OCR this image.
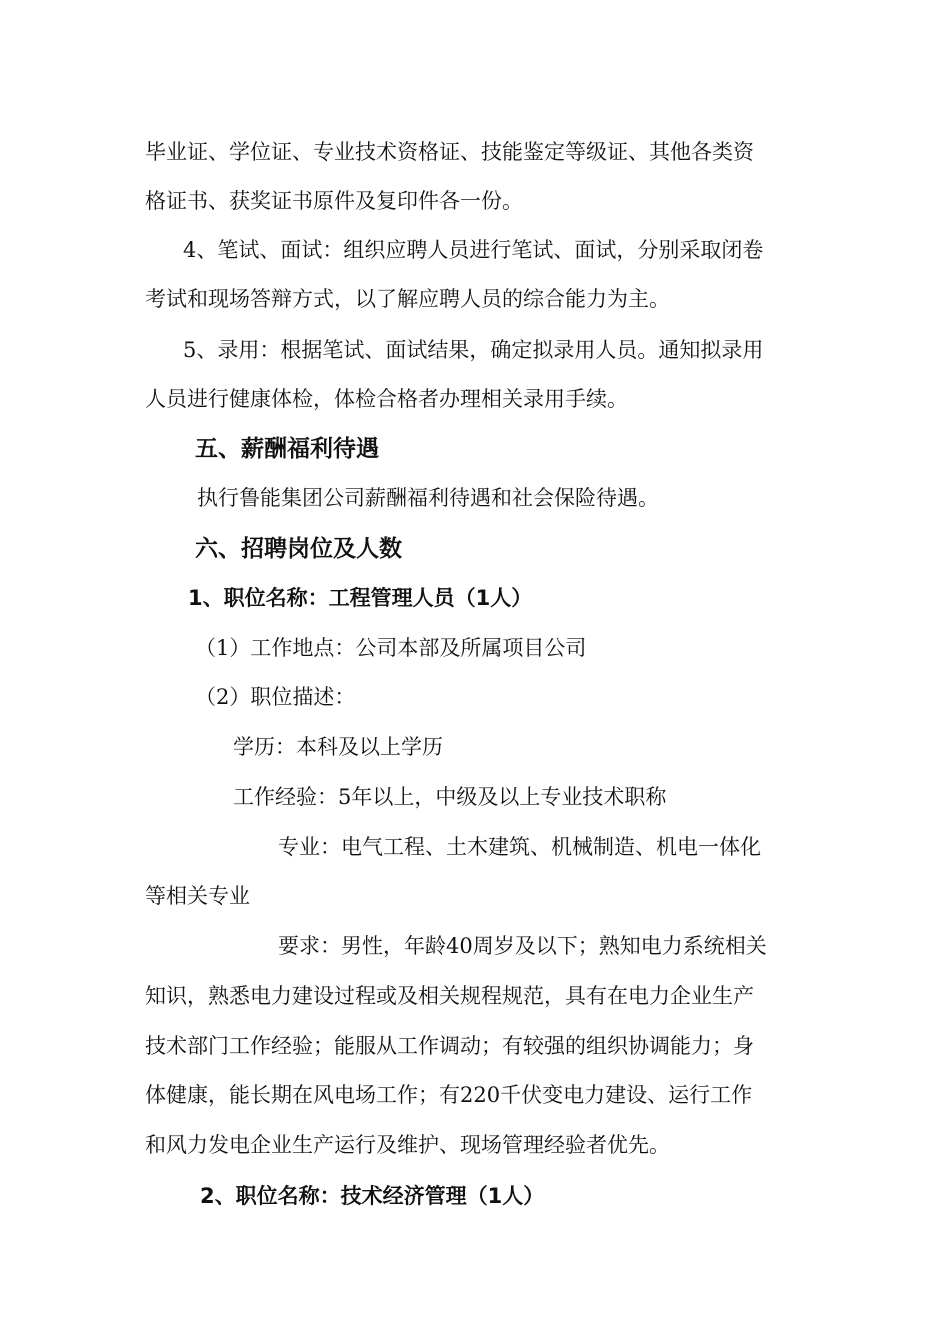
毕业证、学位证、专业技术资格证、技能鉴定等级证、其他各类资
格证书、获奖证书原件及复印件各一份。
4、笔试、面试：组织应聘人员进行笔试、面试，分别采取闭卷
考试和现场答辩方式，以了解应聘人员的综合能力为主。
5、录用：根据笔试、面试结果，确定拟录用人员。通知拟录用
人员进行健康体检，体检合格者办理相关录用手续。
五、薪酬福利待遇
执行鲁能集团公司薪酬福利待遇和社会保险待遇。
六、招聘岗位及人数
1、职位名称：工程管理人员（1人）
（1）工作地点：公司本部及所属项目公司
（2）职位描述：
学历：本科及以上学历
工作经验：5年以上，中级及以上专业技术职称
专业：电气工程、土木建筑、机械制造、机电一体化
等相关专业
要求：男性，年龄40周岁及以下；熟知电力系统相关
知识，熟悉电力建设过程或及相关规程规范，具有在电力企业生产
技术部门工作经验；能服从工作调动；有较强的组织协调能力；身
体健康，能长期在风电场工作；有220千伏变电力建设、运行工作
和风力发电企业生产运行及维护、现场管理经验者优先。
2、职位名称：技术经济管理（1人）
